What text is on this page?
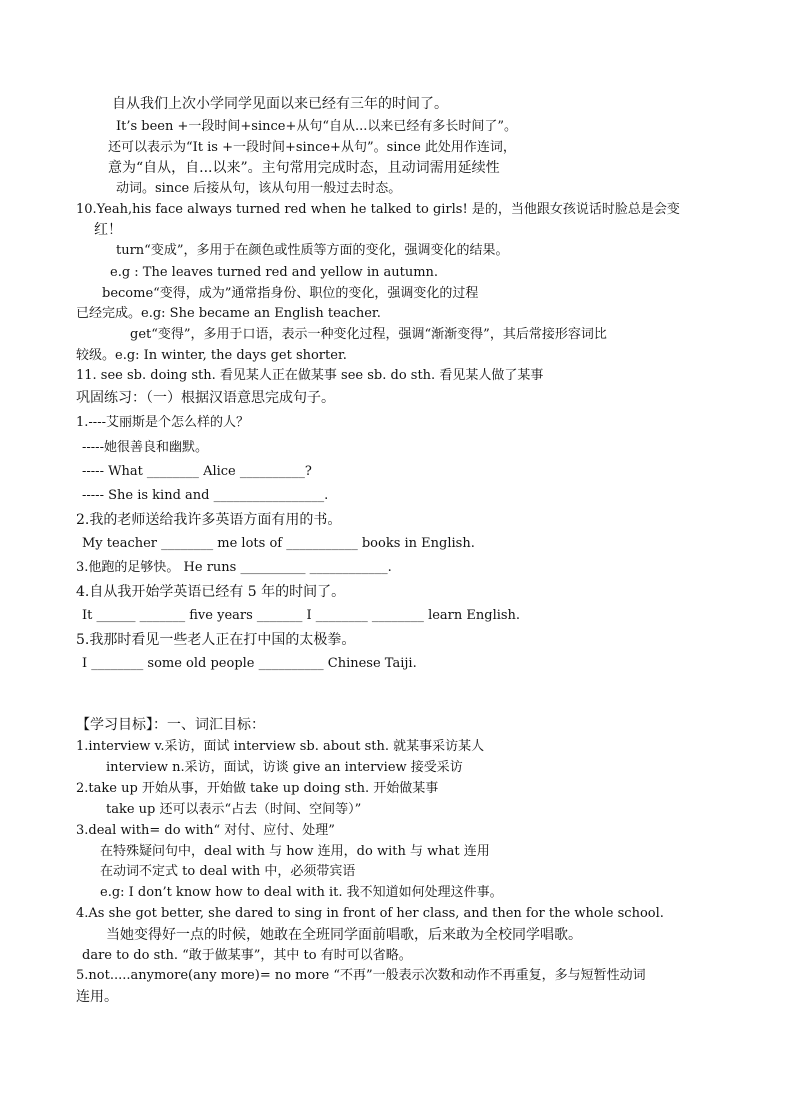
自从我们上次小学同学见面以来已经有三年的时间了。
It’s been +一段时间+since+从句“自从...以来已经有多长时间了”。
还可以表示为“It is +一段时间+since+从句”。since 此处用作连词，
意为“自从，自...以来”。主句常用完成时态，且动词需用延续性
动词。since 后接从句，该从句用一般过去时态。
10.Yeah,his face always turned red when he talked to girls! 是的，当他跟女孩说话时脸总是会变
红！
turn“变成”，多用于在颜色或性质等方面的变化，强调变化的结果。
e.g : The leaves turned red and yellow in autumn.
become“变得，成为”通常指身份、职位的变化，强调变化的过程
已经完成。e.g: She became an English teacher.
get“变得”，多用于口语，表示一种变化过程，强调“渐渐变得”，其后常接形容词比
较级。e.g: In winter, the days get shorter.
11. see sb. doing sth. 看见某人正在做某事 see sb. do sth. 看见某人做了某事
巩固练习：（一）根据汉语意思完成句子。
1.----艾丽斯是个怎么样的人？
-----她很善良和幽默。
----- What ________ Alice __________?
----- She is kind and _________________.
2.我的老师送给我许多英语方面有用的书。
My teacher ________ me lots of ___________ books in English.
3.他跑的足够快。 He runs __________ ____________.
4.自从我开始学英语已经有 5 年的时间了。
It ______ _______ five years _______ I ________ ________ learn English.
5.我那时看见一些老人正在打中国的太极拳。
I ________ some old people __________ Chinese Taiji.
【学习目标】：一、词汇目标：
1.interview v.采访，面试 interview sb. about sth. 就某事采访某人
interview n.采访，面试，访谈 give an interview 接受采访
2.take up 开始从事，开始做 take up doing sth. 开始做某事
take up 还可以表示“占去（时间、空间等）”
3.deal with= do with“ 对付、应付、处理”
在特殊疑问句中，deal with 与 how 连用，do with 与 what 连用
在动词不定式 to deal with 中，必须带宾语
e.g: I don’t know how to deal with it. 我不知道如何处理这件事。
4.As she got better, she dared to sing in front of her class, and then for the whole school.
当她变得好一点的时候，她敢在全班同学面前唱歌，后来敢为全校同学唱歌。
dare to do sth. “敢于做某事”，其中 to 有时可以省略。
5.not.....anymore(any more)= no more “不再”一般表示次数和动作不再重复，多与短暂性动词
连用。
